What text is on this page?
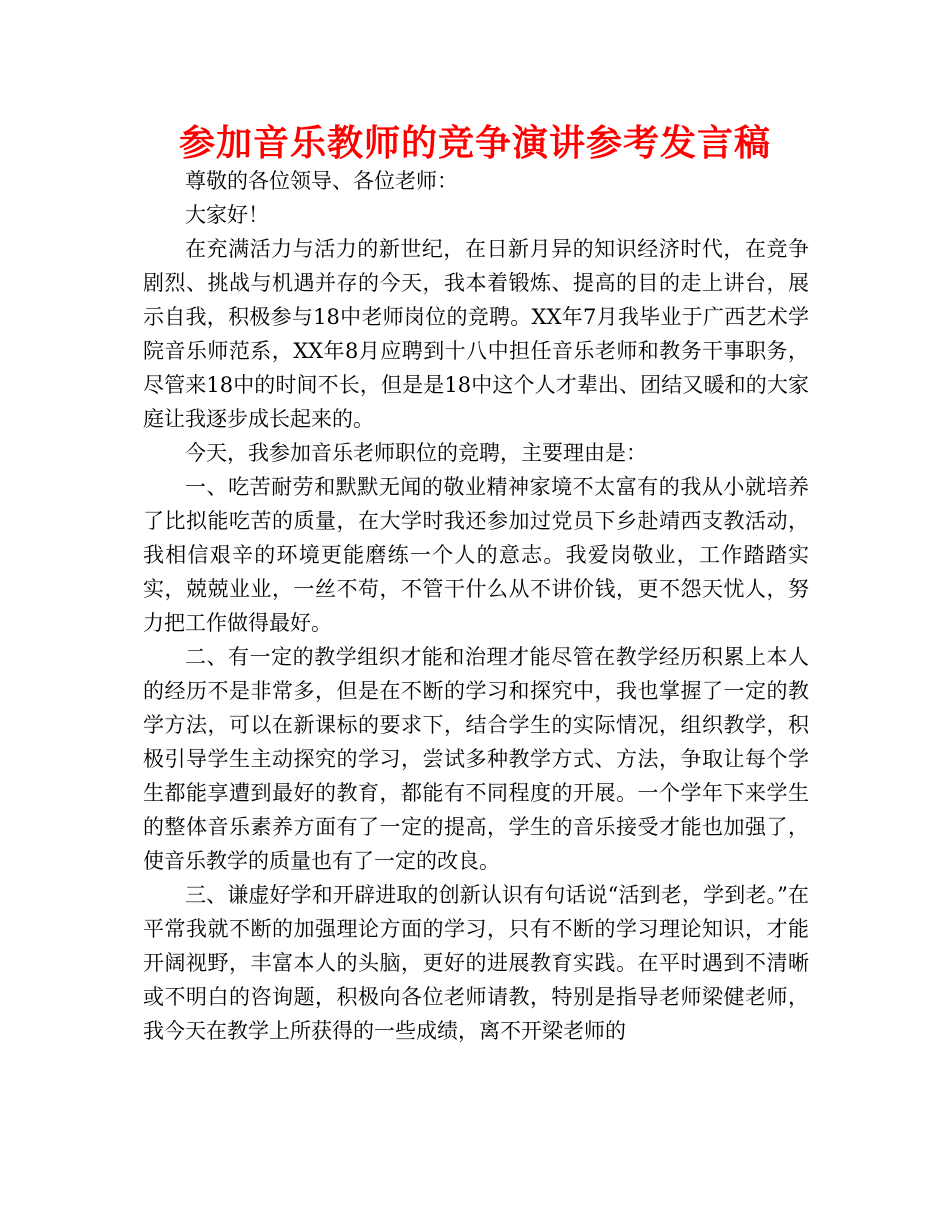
参加音乐教师的竞争演讲参考发言稿

尊敬的各位领导、各位老师：

大家好！

在充满活力与活力的新世纪，在日新月异的知识经济时代，在竞争剧烈、挑战与机遇并存的今天，我本着锻炼、提高的目的走上讲台，展示自我，积极参与18中老师岗位的竞聘。XX年7月我毕业于广西艺术学院音乐师范系，XX年8月应聘到十八中担任音乐老师和教务干事职务，尽管来18中的时间不长，但是是18中这个人才辈出、团结又暖和的大家庭让我逐步成长起来的。

今天，我参加音乐老师职位的竞聘，主要理由是：

一、吃苦耐劳和默默无闻的敬业精神家境不太富有的我从小就培养了比拟能吃苦的质量，在大学时我还参加过党员下乡赴靖西支教活动，我相信艰辛的环境更能磨练一个人的意志。我爱岗敬业，工作踏踏实实，兢兢业业，一丝不苟，不管干什么从不讲价钱，更不怨天忧人，努力把工作做得最好。

二、有一定的教学组织才能和治理才能尽管在教学经历积累上本人的经历不是非常多，但是在不断的学习和探究中，我也掌握了一定的教学方法，可以在新课标的要求下，结合学生的实际情况，组织教学，积极引导学生主动探究的学习，尝试多种教学方式、方法，争取让每个学生都能享遭到最好的教育，都能有不同程度的开展。一个学年下来学生的整体音乐素养方面有了一定的提高，学生的音乐接受才能也加强了，使音乐教学的质量也有了一定的改良。

三、谦虚好学和开辟进取的创新认识有句话说“活到老，学到老。”在平常我就不断的加强理论方面的学习，只有不断的学习理论知识，才能开阔视野，丰富本人的头脑，更好的进展教育实践。在平时遇到不清晰或不明白的咨询题，积极向各位老师请教，特别是指导老师梁健老师，我今天在教学上所获得的一些成绩，离不开梁老师的
